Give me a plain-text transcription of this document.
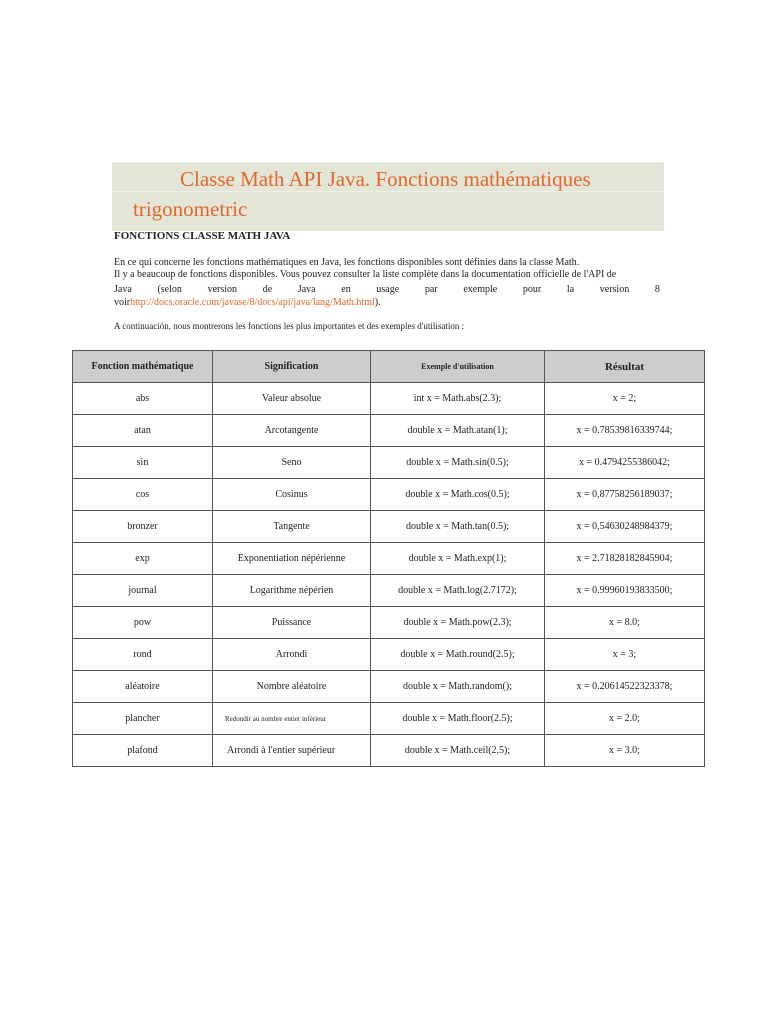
Classe Math API Java. Fonctions mathématiques
trigonometric
FONCTIONS CLASSE MATH JAVA
En ce qui concerne les fonctions mathématiques en Java, les fonctions disponibles sont définies dans la classe Math.
Il y a beaucoup de fonctions disponibles. Vous pouvez consulter la liste complète dans la documentation officielle de l'API de
Java	(selon	version	de	Java	en	usage	par	exemple	pour	la	version	8
voirhttp://docs.oracle.com/javase/8/docs/api/java/lang/Math.html).
A continuación, nous montrerons les fonctions les plus importantes et des exemples d'utilisation :
Fonction mathématique	Signification	Exemple d'utilisation	Résultat
abs	Valeur absolue	int x = Math.abs(2.3);	x = 2;
atan	Arcotangente	double x = Math.atan(1);	x = 0.78539816339744;
sin	Seno	double x = Math.sin(0.5);	x = 0.4794255386042;
cos	Cosinus	double x = Math.cos(0.5);	x = 0,87758256189037;
bronzer	Tangente	double x = Math.tan(0.5);	x = 0,54630248984379;
exp	Exponentiation népérienne	double x = Math.exp(1);	x = 2.71828182845904;
journal	Logarithme népérien	double x = Math.log(2.7172);	x = 0.99960193833500;
pow	Puissance	double x = Math.pow(2.3);	x = 8.0;
rond	Arrondi	double x = Math.round(2.5);	x = 3;
aléatoire	Nombre aléatoire	double x = Math.random();	x = 0.20614522323378;
plancher	Redondir au nombre entier inférieur	double x = Math.floor(2.5);	x = 2.0;
plafond	Arrondi à l'entier supérieur	double x = Math.ceil(2,5);	x = 3.0;
